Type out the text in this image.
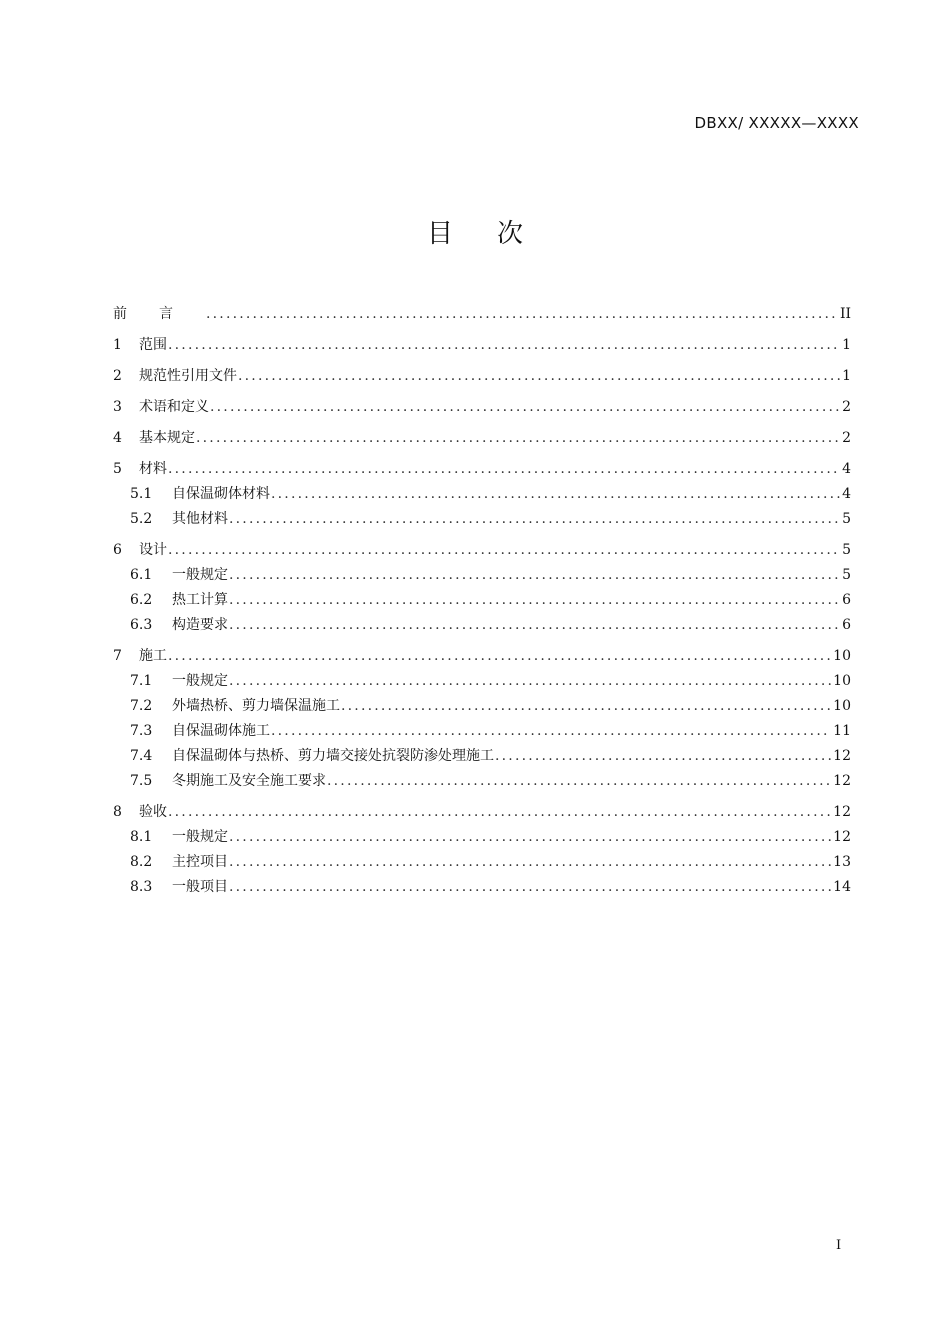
DBXX/ XXXXX—XXXX
目次
前言 .....	II
1	范围 .....	1
2	规范性引用文件 .....	1
3	术语和定义 .....	2
4	基本规定 .....	2
5	材料 .....	4
5.1	自保温砌体材料 .....	4
5.2	其他材料 .....	5
6	设计 .....	5
6.1	一般规定 .....	5
6.2	热工计算 .....	6
6.3	构造要求 .....	6
7	施工 .....	10
7.1	一般规定 .....	10
7.2	外墙热桥、剪力墙保温施工 .....	10
7.3	自保温砌体施工 .....	11
7.4	自保温砌体与热桥、剪力墙交接处抗裂防渗处理施工 .....	12
7.5	冬期施工及安全施工要求 .....	12
8	验收 .....	12
8.1	一般规定 .....	12
8.2	主控项目 .....	13
8.3	一般项目 .....	14
I
